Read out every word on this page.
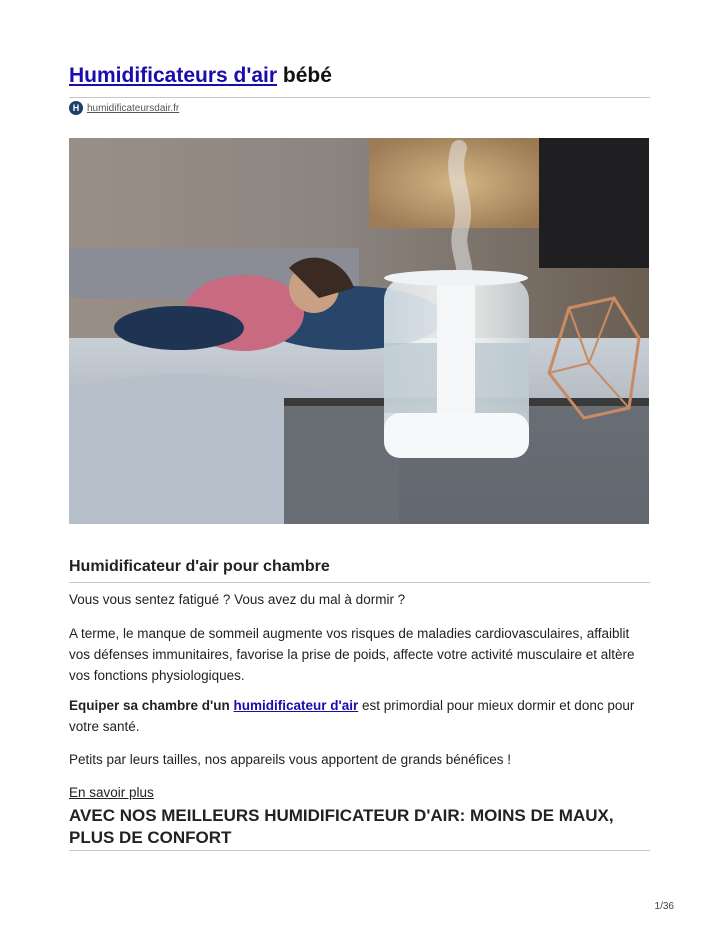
Humidificateurs d'air bébé
H humidificateursdair.fr
Humidificateur d'air pour chambre

Vous vous sentez fatigué ? Vous avez du mal à dormir ?

A terme, le manque de sommeil augmente vos risques de maladies cardiovasculaires, affaiblit vos défenses immunitaires, favorise la prise de poids, affecte votre activité musculaire et altère vos fonctions physiologiques.

Equiper sa chambre d'un humidificateur d'air est primordial pour mieux dormir et donc pour votre santé.

Petits par leurs tailles, nos appareils vous apportent de grands bénéfices !

En savoir plus
AVEC NOS MEILLEURS HUMIDIFICATEUR D'AIR: MOINS DE MAUX, PLUS DE CONFORT
1/36
